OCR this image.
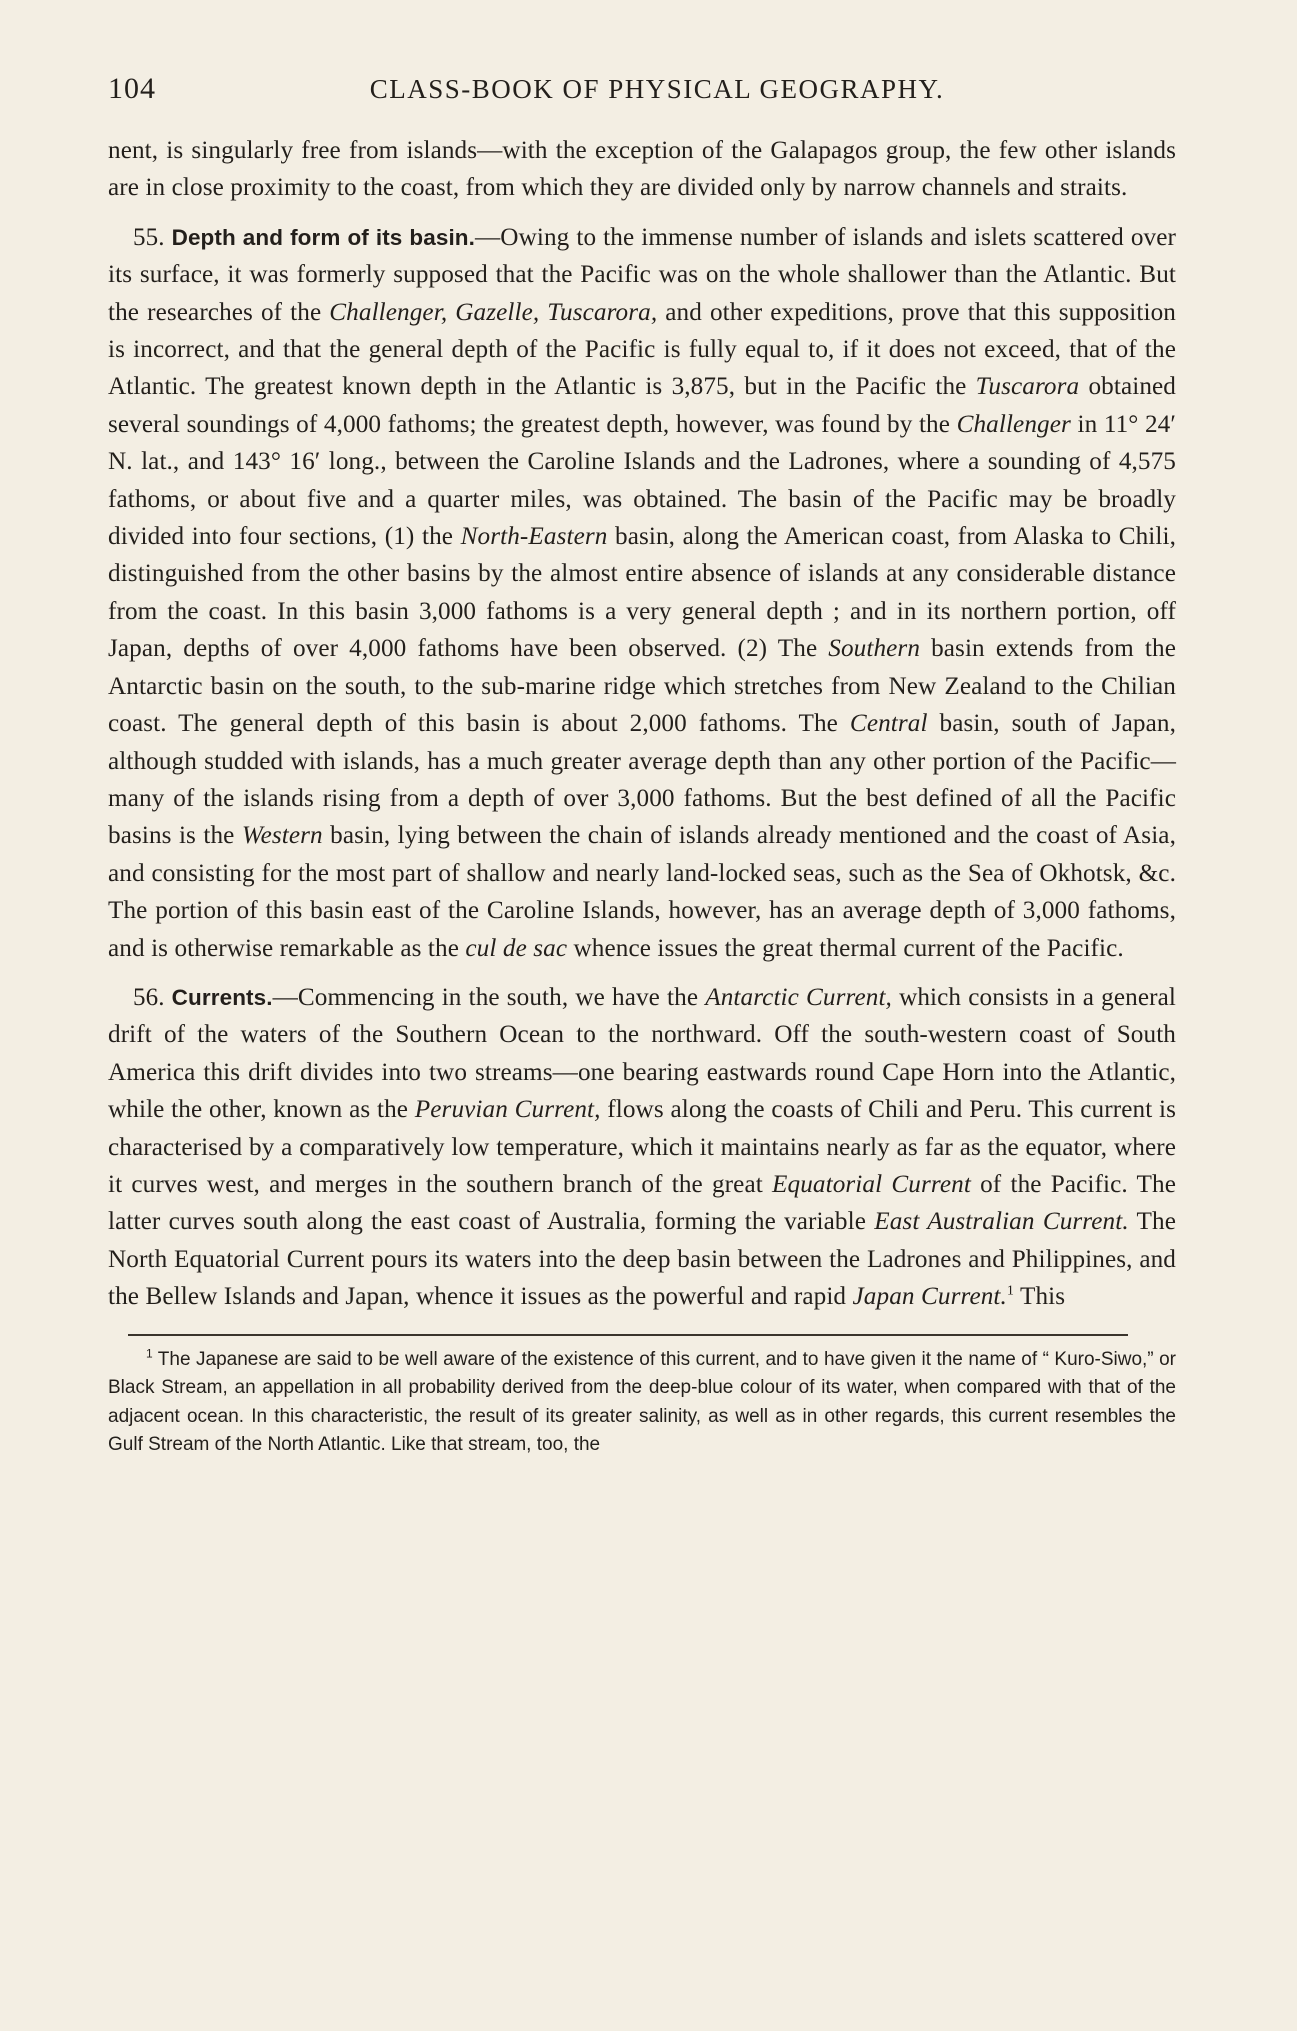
104	CLASS-BOOK OF PHYSICAL GEOGRAPHY.

nent, is singularly free from islands—with the exception of the Galapagos group, the few other islands are in close proximity to the coast, from which they are divided only by narrow channels and straits.

55. Depth and form of its basin.—Owing to the immense number of islands and islets scattered over its surface, it was formerly supposed that the Pacific was on the whole shallower than the Atlantic. But the researches of the Challenger, Gazelle, Tuscarora, and other expeditions, prove that this supposition is incorrect, and that the general depth of the Pacific is fully equal to, if it does not exceed, that of the Atlantic. The greatest known depth in the Atlantic is 3,875, but in the Pacific the Tuscarora obtained several soundings of 4,000 fathoms; the greatest depth, however, was found by the Challenger in 11° 24′ N. lat., and 143° 16′ long., between the Caroline Islands and the Ladrones, where a sounding of 4,575 fathoms, or about five and a quarter miles, was obtained. The basin of the Pacific may be broadly divided into four sections, (1) the North-Eastern basin, along the American coast, from Alaska to Chili, distinguished from the other basins by the almost entire absence of islands at any considerable distance from the coast. In this basin 3,000 fathoms is a very general depth ; and in its northern portion, off Japan, depths of over 4,000 fathoms have been observed. (2) The Southern basin extends from the Antarctic basin on the south, to the sub-marine ridge which stretches from New Zealand to the Chilian coast. The general depth of this basin is about 2,000 fathoms. The Central basin, south of Japan, although studded with islands, has a much greater average depth than any other portion of the Pacific—many of the islands rising from a depth of over 3,000 fathoms. But the best defined of all the Pacific basins is the Western basin, lying between the chain of islands already mentioned and the coast of Asia, and consisting for the most part of shallow and nearly land-locked seas, such as the Sea of Okhotsk, &c. The portion of this basin east of the Caroline Islands, however, has an average depth of 3,000 fathoms, and is otherwise remarkable as the cul de sac whence issues the great thermal current of the Pacific.

56. Currents.—Commencing in the south, we have the Antarctic Current, which consists in a general drift of the waters of the Southern Ocean to the northward. Off the south-western coast of South America this drift divides into two streams—one bearing eastwards round Cape Horn into the Atlantic, while the other, known as the Peruvian Current, flows along the coasts of Chili and Peru. This current is characterised by a comparatively low temperature, which it maintains nearly as far as the equator, where it curves west, and merges in the southern branch of the great Equatorial Current of the Pacific. The latter curves south along the east coast of Australia, forming the variable East Australian Current. The North Equatorial Current pours its waters into the deep basin between the Ladrones and Philippines, and the Bellew Islands and Japan, whence it issues as the powerful and rapid Japan Current.$^1$ This

$^1$ The Japanese are said to be well aware of the existence of this current, and to have given it the name of “ Kuro-Siwo,” or Black Stream, an appellation in all probability derived from the deep-blue colour of its water, when compared with that of the adjacent ocean. In this characteristic, the result of its greater salinity, as well as in other regards, this current resembles the Gulf Stream of the North Atlantic. Like that stream, too, the
